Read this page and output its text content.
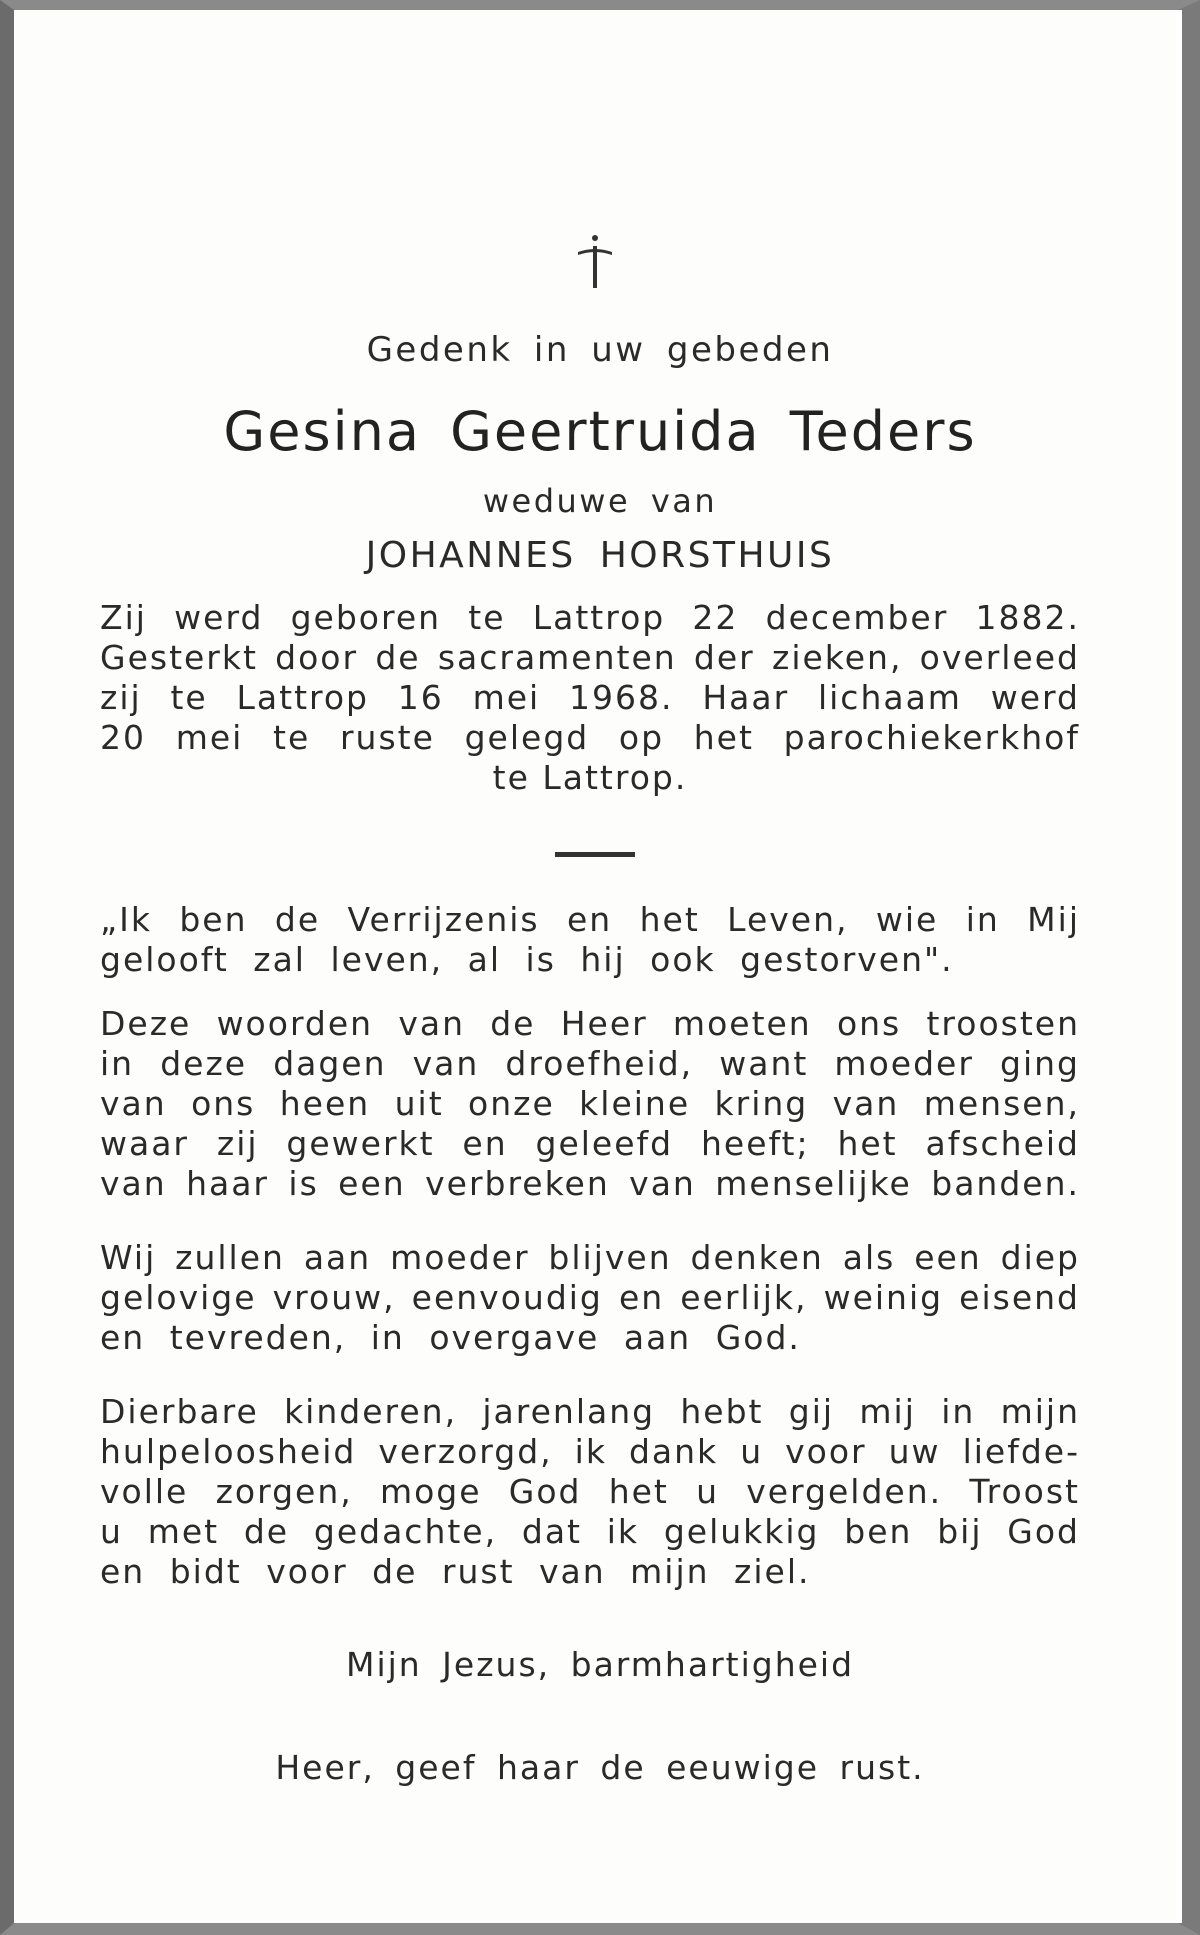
Gedenk in uw gebeden
Gesina Geertruida Teders
weduwe van
JOHANNES HORSTHUIS
Zij werd geboren te Lattrop 22 december 1882.
Gesterkt door de sacramenten der zieken, overleed
zij te Lattrop 16 mei 1968. Haar lichaam werd
20 mei te ruste gelegd op het parochiekerkhof
te Lattrop.
„Ik ben de Verrijzenis en het Leven, wie in Mij
gelooft zal leven, al is hij ook gestorven".
Deze woorden van de Heer moeten ons troosten
in deze dagen van droefheid, want moeder ging
van ons heen uit onze kleine kring van mensen,
waar zij gewerkt en geleefd heeft; het afscheid
van haar is een verbreken van menselijke banden.
Wij zullen aan moeder blijven denken als een diep
gelovige vrouw, eenvoudig en eerlijk, weinig eisend
en tevreden, in overgave aan God.
Dierbare kinderen, jarenlang hebt gij mij in mijn
hulpeloosheid verzorgd, ik dank u voor uw liefde-
volle zorgen, moge God het u vergelden. Troost
u met de gedachte, dat ik gelukkig ben bij God
en bidt voor de rust van mijn ziel.
Mijn Jezus, barmhartigheid
Heer, geef haar de eeuwige rust.
